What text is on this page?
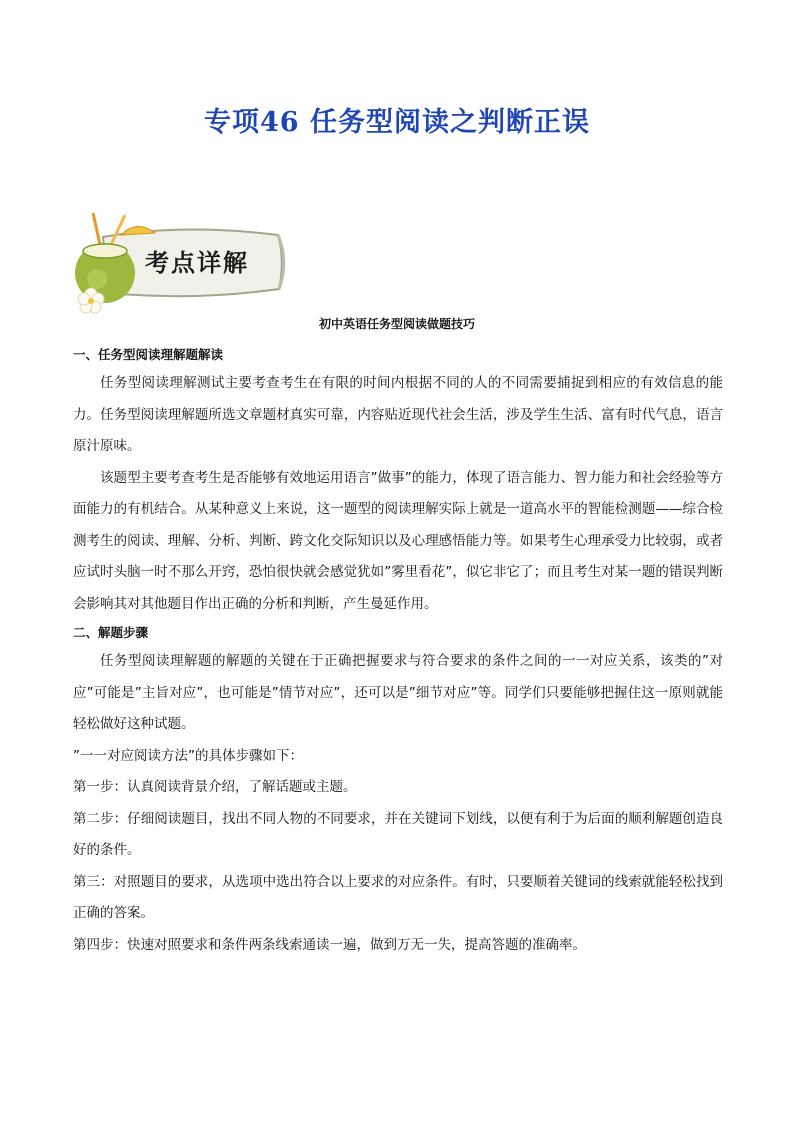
专项46 任务型阅读之判断正误
考点详解
初中英语任务型阅读做题技巧

一、任务型阅读理解题解读

任务型阅读理解测试主要考查考生在有限的时间内根据不同的人的不同需要捕捉到相应的有效信息的能力。任务型阅读理解题所选文章题材真实可靠，内容贴近现代社会生活，涉及学生生活、富有时代气息，语言原汁原味。

该题型主要考查考生是否能够有效地运用语言”做事”的能力，体现了语言能力、智力能力和社会经验等方面能力的有机结合。从某种意义上来说，这一题型的阅读理解实际上就是一道高水平的智能检测题——综合检测考生的阅读、理解、分析、判断、跨文化交际知识以及心理感悟能力等。如果考生心理承受力比较弱，或者应试时头脑一时不那么开窍，恐怕很快就会感觉犹如”雾里看花”，似它非它了；而且考生对某一题的错误判断会影响其对其他题目作出正确的分析和判断，产生曼延作用。

二、解题步骤

任务型阅读理解题的解题的关键在于正确把握要求与符合要求的条件之间的一一对应关系，该类的”对应”可能是”主旨对应”，也可能是”情节对应”，还可以是”细节对应”等。同学们只要能够把握住这一原则就能轻松做好这种试题。

”一一对应阅读方法”的具体步骤如下：

第一步：认真阅读背景介绍，了解话题或主题。

第二步：仔细阅读题目，找出不同人物的不同要求，并在关键词下划线，以便有利于为后面的顺利解题创造良好的条件。

第三：对照题目的要求，从选项中选出符合以上要求的对应条件。有时，只要顺着关键词的线索就能轻松找到正确的答案。

第四步：快速对照要求和条件两条线索通读一遍，做到万无一失，提高答题的准确率。
